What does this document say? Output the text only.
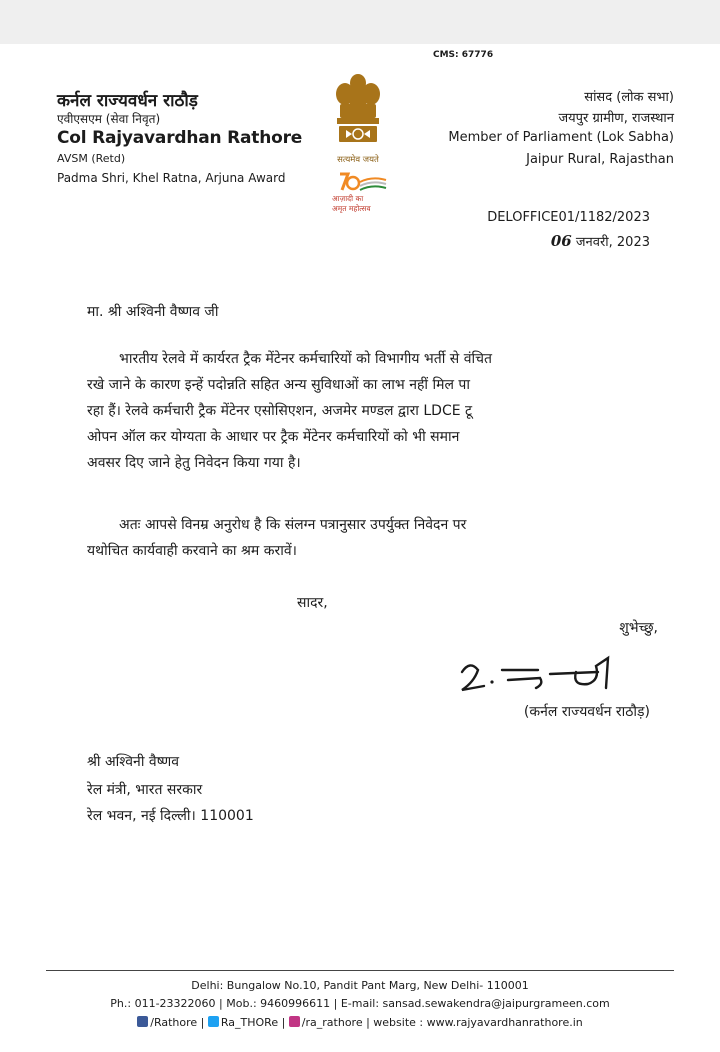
CMS: 67776
कर्नल राज्यवर्धन राठौड़
एवीएसएम (सेवा निवृत)
Col Rajyavardhan Rathore
AVSM (Retd)
Padma Shri, Khel Ratna, Arjuna Award
सत्यमेव जयते
आज़ादी का
अमृत महोत्सव
सांसद (लोक सभा)
जयपुर ग्रामीण, राजस्थान
Member of Parliament (Lok Sabha)
Jaipur Rural, Rajasthan
DELOFFICE01/1182/2023
06 जनवरी, 2023
मा. श्री अश्विनी वैष्णव जी
भारतीय रेलवे में कार्यरत ट्रैक मेंटेनर कर्मचारियों को विभागीय भर्ती से वंचित
रखे जाने के कारण इन्हें पदोन्नति सहित अन्य सुविधाओं का लाभ नहीं मिल पा
रहा हैं। रेलवे कर्मचारी ट्रैक मेंटेनर एसोसिएशन, अजमेर मण्डल द्वारा LDCE टू
ओपन ऑल कर योग्यता के आधार पर ट्रैक मेंटेनर कर्मचारियों को भी समान
अवसर दिए जाने हेतु निवेदन किया गया है।
अतः आपसे विनम्र अनुरोध है कि संलग्न पत्रानुसार उपर्युक्त निवेदन पर
यथोचित कार्यवाही करवाने का श्रम करावें।
सादर,
शुभेच्छु,
(कर्नल राज्यवर्धन राठौड़)
श्री अश्विनी वैष्णव
रेल मंत्री, भारत सरकार
रेल भवन, नई दिल्ली। 110001
Delhi: Bungalow No.10, Pandit Pant Marg, New Delhi- 110001
Ph.: 011-23322060 | Mob.: 9460996611 | E-mail: sansad.sewakendra@jaipurgrameen.com
/Rathore | Ra_THORe | /ra_rathore | website : www.rajyavardhanrathore.in
